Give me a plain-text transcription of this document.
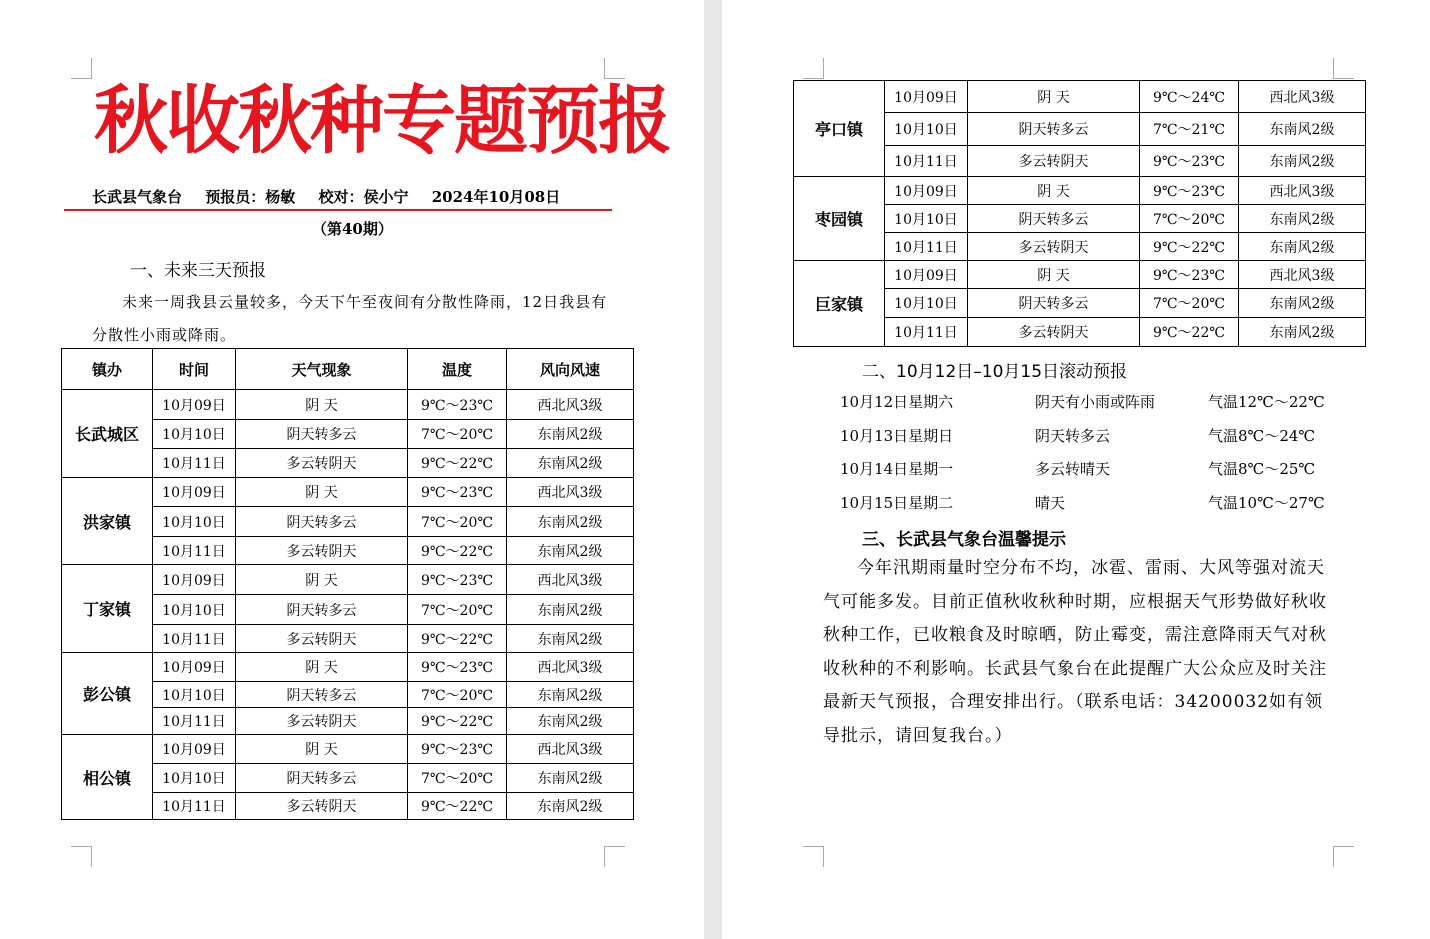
秋收秋种专题预报
长武县气象台 预报员：杨敏 校对：侯小宁 2024年10月08日
（第40期）
一、未来三天预报
未来一周我县云量较多，今天下午至夜间有分散性降雨，12日我县有分散性小雨或降雨。
镇办	时间	天气现象	温度	风向风速
长武城区	10月09日	阴 天	9℃～23℃	西北风3级
	10月10日	阴天转多云	7℃～20℃	东南风2级
	10月11日	多云转阴天	9℃～22℃	东南风2级
洪家镇	10月09日	阴 天	9℃～23℃	西北风3级
	10月10日	阴天转多云	7℃～20℃	东南风2级
	10月11日	多云转阴天	9℃～22℃	东南风2级
丁家镇	10月09日	阴 天	9℃～23℃	西北风3级
	10月10日	阴天转多云	7℃～20℃	东南风2级
	10月11日	多云转阴天	9℃～22℃	东南风2级
彭公镇	10月09日	阴 天	9℃～23℃	西北风3级
	10月10日	阴天转多云	7℃～20℃	东南风2级
	10月11日	多云转阴天	9℃～22℃	东南风2级
相公镇	10月09日	阴 天	9℃～23℃	西北风3级
	10月10日	阴天转多云	7℃～20℃	东南风2级
	10月11日	多云转阴天	9℃～22℃	东南风2级
亭口镇	10月09日	阴 天	9℃～24℃	西北风3级
	10月10日	阴天转多云	7℃～21℃	东南风2级
	10月11日	多云转阴天	9℃～23℃	东南风2级
枣园镇	10月09日	阴 天	9℃～23℃	西北风3级
	10月10日	阴天转多云	7℃～20℃	东南风2级
	10月11日	多云转阴天	9℃～22℃	东南风2级
巨家镇	10月09日	阴 天	9℃～23℃	西北风3级
	10月10日	阴天转多云	7℃～20℃	东南风2级
	10月11日	多云转阴天	9℃～22℃	东南风2级
二、10月12日–10月15日滚动预报
10月12日星期六	阴天有小雨或阵雨	气温12℃～22℃
10月13日星期日	阴天转多云	气温8℃～24℃
10月14日星期一	多云转晴天	气温8℃～25℃
10月15日星期二	晴天	气温10℃～27℃
三、长武县气象台温馨提示
今年汛期雨量时空分布不均，冰雹、雷雨、大风等强对流天气可能多发。目前正值秋收秋种时期，应根据天气形势做好秋收秋种工作，已收粮食及时晾晒，防止霉变，需注意降雨天气对秋收秋种的不利影响。长武县气象台在此提醒广大公众应及时关注最新天气预报，合理安排出行。（联系电话：34200032如有领导批示，请回复我台。）
